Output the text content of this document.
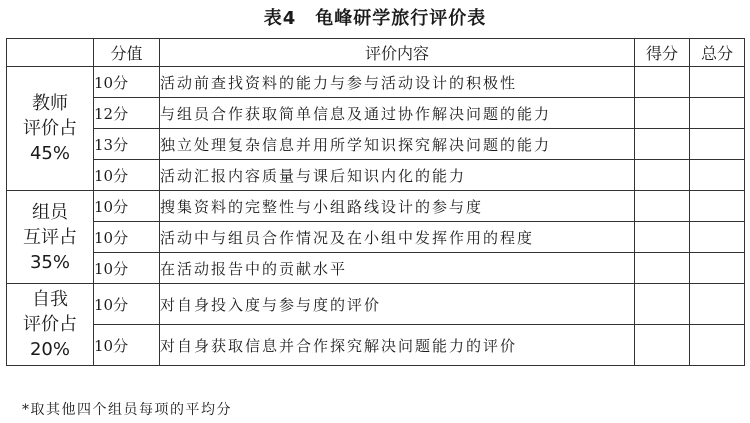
表4　龟峰研学旅行评价表
	分值	评价内容	得分	总分

教师
评价占
45%	10分	活动前查找资料的能力与参与活动设计的积极性		
	12分	与组员合作获取简单信息及通过协作解决问题的能力		
	13分	独立处理复杂信息并用所学知识探究解决问题的能力		
	10分	活动汇报内容质量与课后知识内化的能力		

组员
互评占
35%	10分	搜集资料的完整性与小组路线设计的参与度		
	10分	活动中与组员合作情况及在小组中发挥作用的程度		
	10分	在活动报告中的贡献水平		

自我
评价占
20%	10分	对自身投入度与参与度的评价		
	10分	对自身获取信息并合作探究解决问题能力的评价		
*取其他四个组员每项的平均分
